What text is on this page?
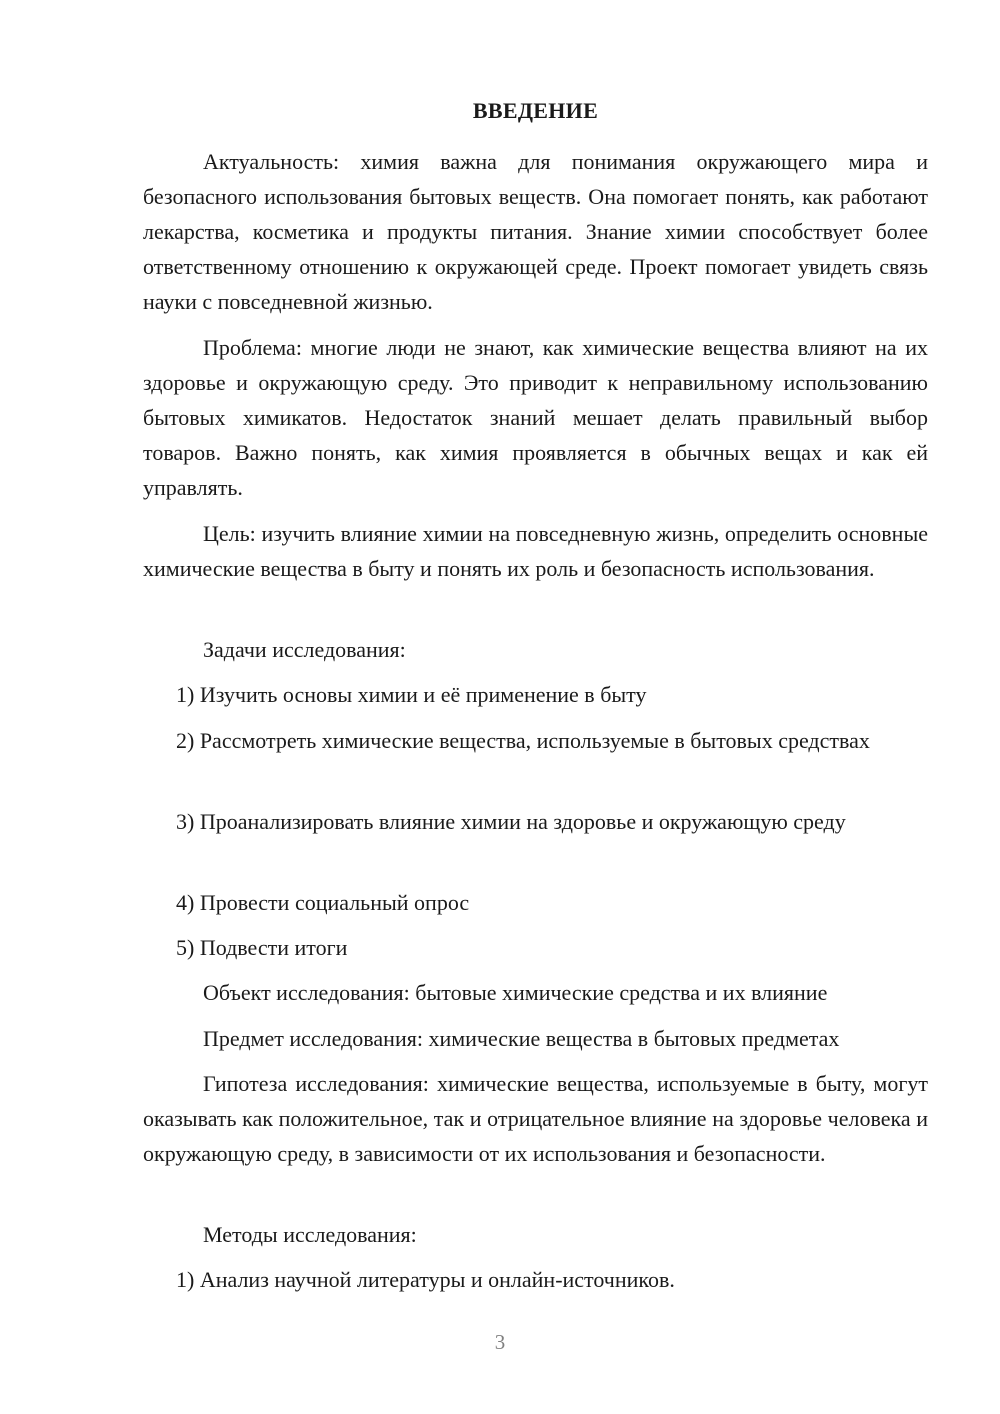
ВВЕДЕНИЕ
Актуальность: химия важна для понимания окружающего мира и безопасного использования бытовых веществ. Она помогает понять, как работают лекарства, косметика и продукты питания. Знание химии способствует более ответственному отношению к окружающей среде. Проект помогает увидеть связь науки с повседневной жизнью.
Проблема: многие люди не знают, как химические вещества влияют на их здоровье и окружающую среду. Это приводит к неправильному использованию бытовых химикатов. Недостаток знаний мешает делать правильный выбор товаров. Важно понять, как химия проявляется в обычных вещах и как ей управлять.
Цель: изучить влияние химии на повседневную жизнь, определить основные химические вещества в быту и понять их роль и безопасность использования.
Задачи исследования:
1) Изучить основы химии и её применение в быту
2) Рассмотреть химические вещества, используемые в бытовых средствах
3) Проанализировать влияние химии на здоровье и окружающую среду
4) Провести социальный опрос
5) Подвести итоги
Объект исследования: бытовые химические средства и их влияние
Предмет исследования: химические вещества в бытовых предметах
Гипотеза исследования: химические вещества, используемые в быту, могут оказывать как положительное, так и отрицательное влияние на здоровье человека и окружающую среду, в зависимости от их использования и безопасности.
Методы исследования:
1) Анализ научной литературы и онлайн-источников.
3
